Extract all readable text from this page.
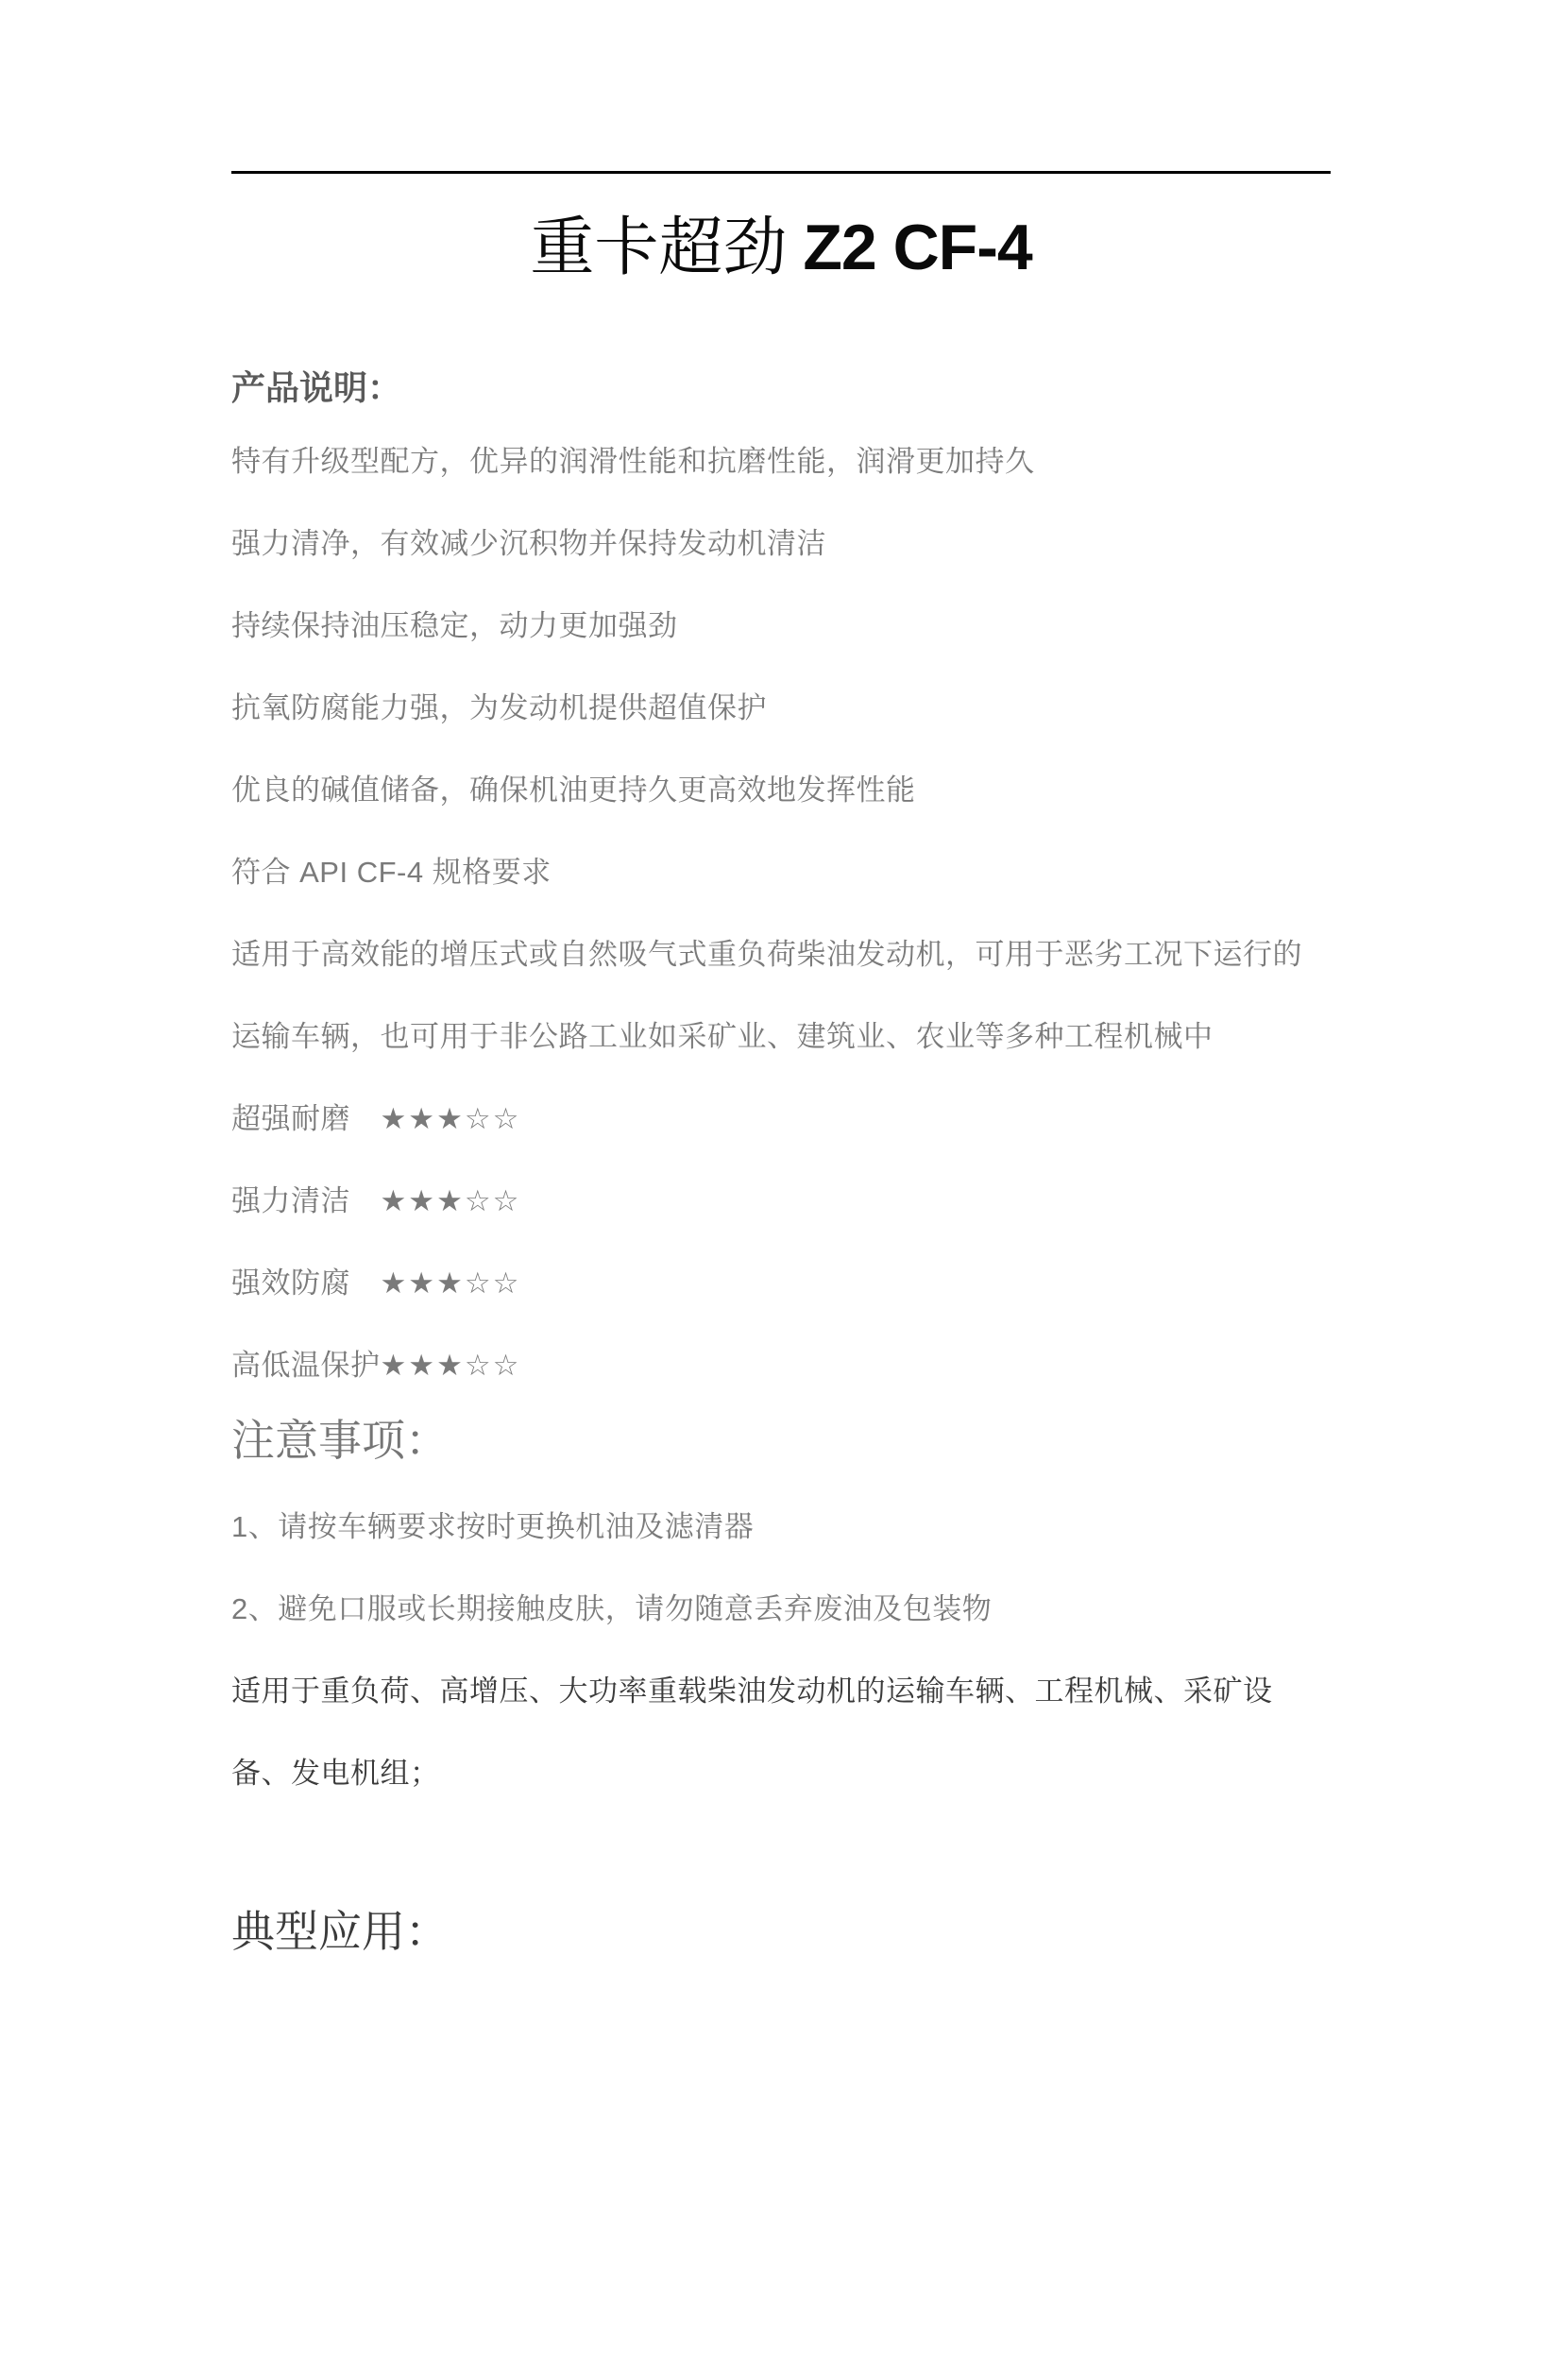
重卡超劲 Z2 CF-4
产品说明：

特有升级型配方，优异的润滑性能和抗磨性能，润滑更加持久

强力清净，有效减少沉积物并保持发动机清洁

持续保持油压稳定，动力更加强劲

抗氧防腐能力强，为发动机提供超值保护

优良的碱值储备，确保机油更持久更高效地发挥性能

符合 API CF-4 规格要求

适用于高效能的增压式或自然吸气式重负荷柴油发动机，可用于恶劣工况下运行的运输车辆，也可用于非公路工业如采矿业、建筑业、农业等多种工程机械中

超强耐磨　★★★☆☆

强力清洁　★★★☆☆

强效防腐　★★★☆☆

高低温保护★★★☆☆

注意事项：

1、请按车辆要求按时更换机油及滤清器

2、避免口服或长期接触皮肤，请勿随意丢弃废油及包装物

适用于重负荷、高增压、大功率重载柴油发动机的运输车辆、工程机械、采矿设备、发电机组；

典型应用：
